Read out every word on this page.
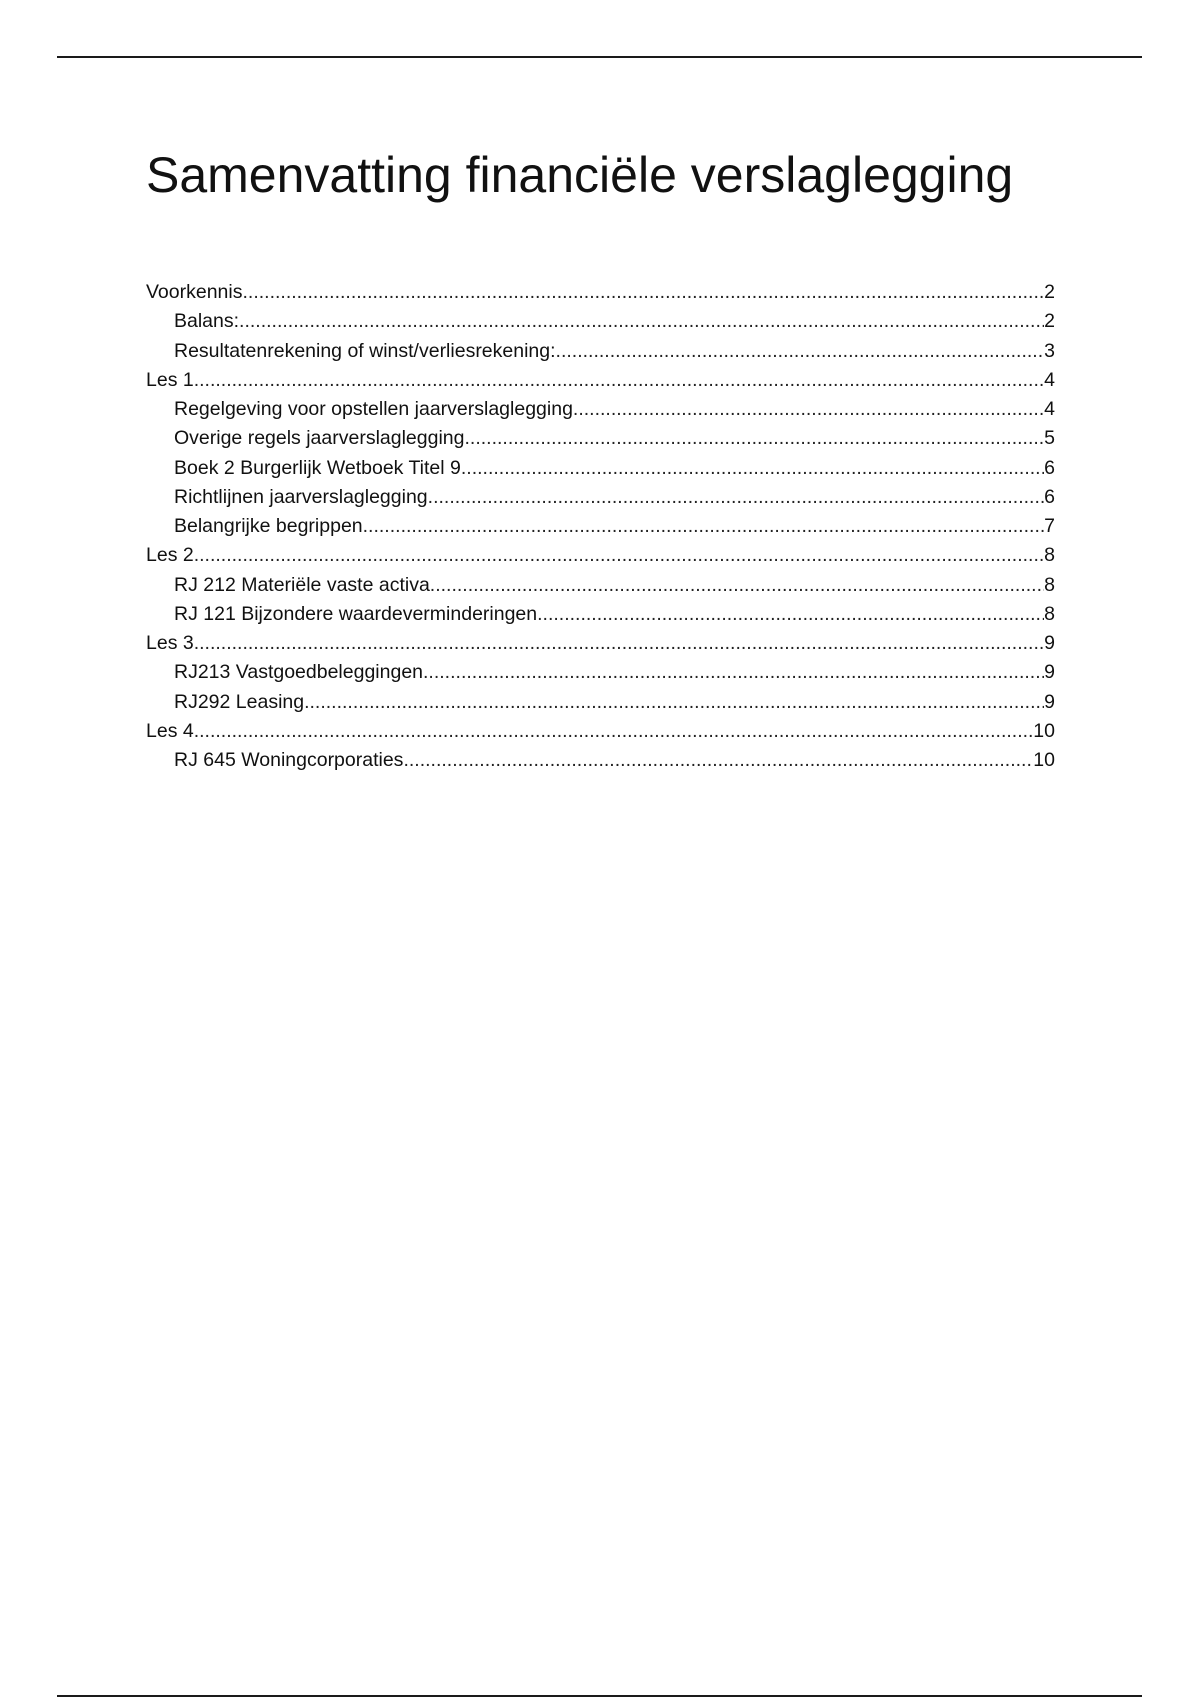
Samenvatting financiële verslaglegging
Voorkennis .....	2
Balans: .....	2
Resultatenrekening of winst/verliesrekening: .....	3
Les 1 .....	4
Regelgeving voor opstellen jaarverslaglegging .....	4
Overige regels jaarverslaglegging .....	5
Boek 2 Burgerlijk Wetboek Titel 9 .....	6
Richtlijnen jaarverslaglegging .....	6
Belangrijke begrippen .....	7
Les 2 .....	8
RJ 212 Materiële vaste activa .....	8
RJ 121 Bijzondere waardeverminderingen .....	8
Les 3 .....	9
RJ213 Vastgoedbeleggingen .....	9
RJ292 Leasing .....	9
Les 4 .....	10
RJ 645 Woningcorporaties .....	10
